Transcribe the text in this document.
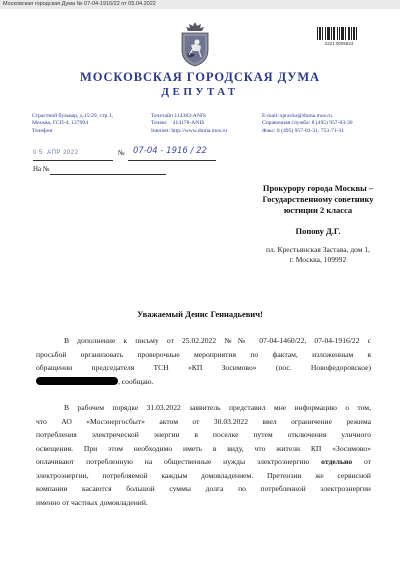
Московская городская Дума № 07-04-1916/22 от 05.04.2022
2221 0005824
МОСКОВСКАЯ ГОРОДСКАЯ ДУМА
ДЕПУТАТ
Страстной бульвар, д.15/29, стр.1,
Москва, ГСП-4, 127994
Телефон
Телетайп 114383-ANIS
Телекс    414178-ANIS
Internet: http://www.duma.mos.ru
E-mail: spravka@duma.mos.ru
Справочная служба: 8 (495) 957-03-30
Факс: 8 (495) 957-03-31, 753-71-31
0 5  АПР 2022	№ 07-04 - 1916 / 22
На №
Прокурору города Москвы –
Государственному советнику
юстиции 2 класса
Попову Д.Г.
пл. Крестьянская Застава, дом 1,
г. Москва, 109992
Уважаемый Денис Геннадьевич!
В дополнение к письму от 25.02.2022 №№ 07-04-1460/22, 07-04-1916/22 с
просьбой организовать проверочные мероприятия по фактам, изложенным в
обращении председателя ТСН «КП Зосимово» (пос. Новофедоровское)
, сообщаю.
В рабочем порядке 31.03.2022 заявитель представил мне информацию о том,
что АО «Мосэнергосбыт» актом от 30.03.2022 ввел ограничение режима
потребления электрической энергии в поселке путем отключения уличного
освещения. При этом необходимо иметь в виду, что жители КП «Зосимово»
оплачивают потребленную на общественные нужды электроэнергию отдельно от
электроэнергии, потребляемой каждым домовладением. Претензии же сервисной
компании касаются большой суммы долга по потребленной электроэнергии
именно от частных домовладений.
